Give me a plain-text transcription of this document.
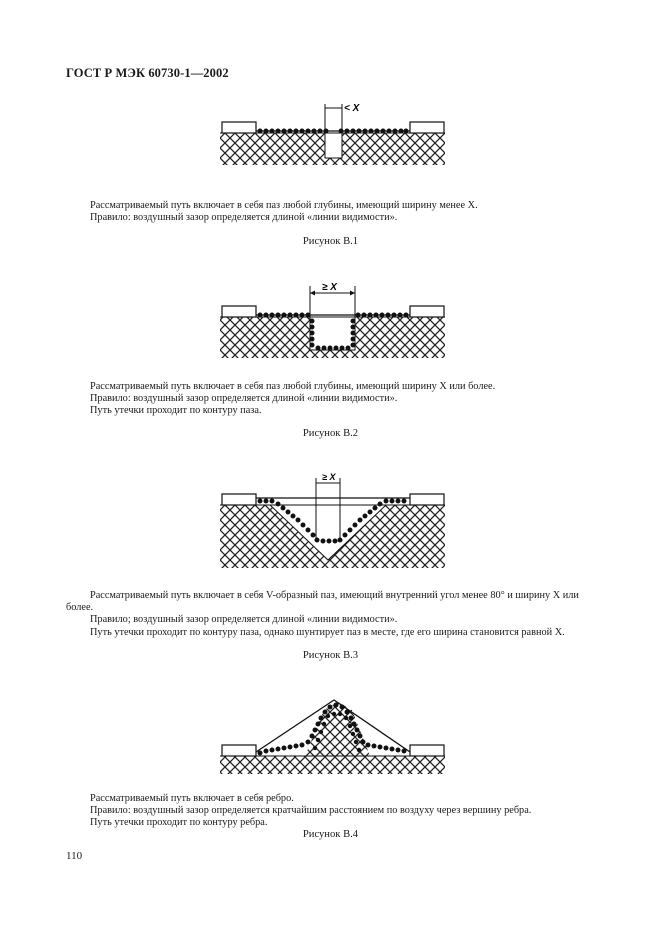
ГОСТ Р МЭК 60730-1—2002
< X

Рассматриваемый путь включает в себя паз любой глубины, имеющий ширину менее X.

Правило: воздушный зазор определяется длиной «линии видимости».

Рисунок В.1
≥ X

Рассматриваемый путь включает в себя паз любой глубины, имеющий ширину X или более.

Правило: воздушный зазор определяется длиной «линии видимости».

Путь утечки проходит по контуру паза.

Рисунок В.2
≥ X

Рассматриваемый путь включает в себя V-образный паз, имеющий внутренний угол менее 80° и ширину X или более.

Правило; воздушный зазор определяется длиной «линии видимости».

Путь утечки проходит по контуру паза, однако шунтирует паз в месте, где его ширина становится равной X.

Рисунок В.3

Рассматриваемый путь включает в себя ребро.

Правило: воздушный зазор определяется кратчайшим расстоянием по воздуху через вершину ребра.

Путь утечки проходит по контуру ребра.

Рисунок В.4
110
